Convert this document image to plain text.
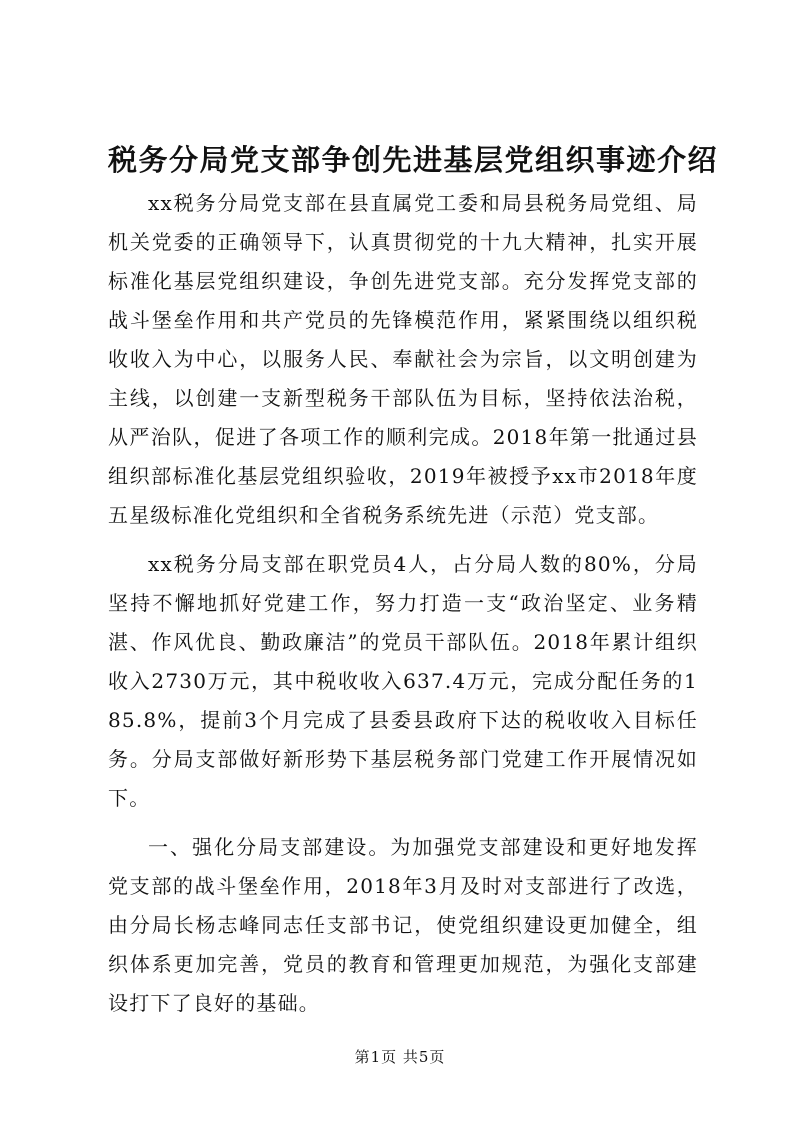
税务分局党支部争创先进基层党组织事迹介绍

xx税务分局党支部在县直属党工委和局县税务局党组、局机关党委的正确领导下，认真贯彻党的十九大精神，扎实开展标准化基层党组织建设，争创先进党支部。充分发挥党支部的战斗堡垒作用和共产党员的先锋模范作用，紧紧围绕以组织税收收入为中心，以服务人民、奉献社会为宗旨，以文明创建为主线，以创建一支新型税务干部队伍为目标，坚持依法治税，从严治队，促进了各项工作的顺利完成。2018年第一批通过县组织部标准化基层党组织验收，2019年被授予xx市2018年度五星级标准化党组织和全省税务系统先进（示范）党支部。

xx税务分局支部在职党员4人，占分局人数的80%，分局坚持不懈地抓好党建工作，努力打造一支“政治坚定、业务精湛、作风优良、勤政廉洁”的党员干部队伍。2018年累计组织收入2730万元，其中税收收入637.4万元，完成分配任务的185.8%，提前3个月完成了县委县政府下达的税收收入目标任务。分局支部做好新形势下基层税务部门党建工作开展情况如下。

一、强化分局支部建设。为加强党支部建设和更好地发挥党支部的战斗堡垒作用，2018年3月及时对支部进行了改选，由分局长杨志峰同志任支部书记，使党组织建设更加健全，组织体系更加完善，党员的教育和管理更加规范，为强化支部建设打下了良好的基础。

第1页 共5页
